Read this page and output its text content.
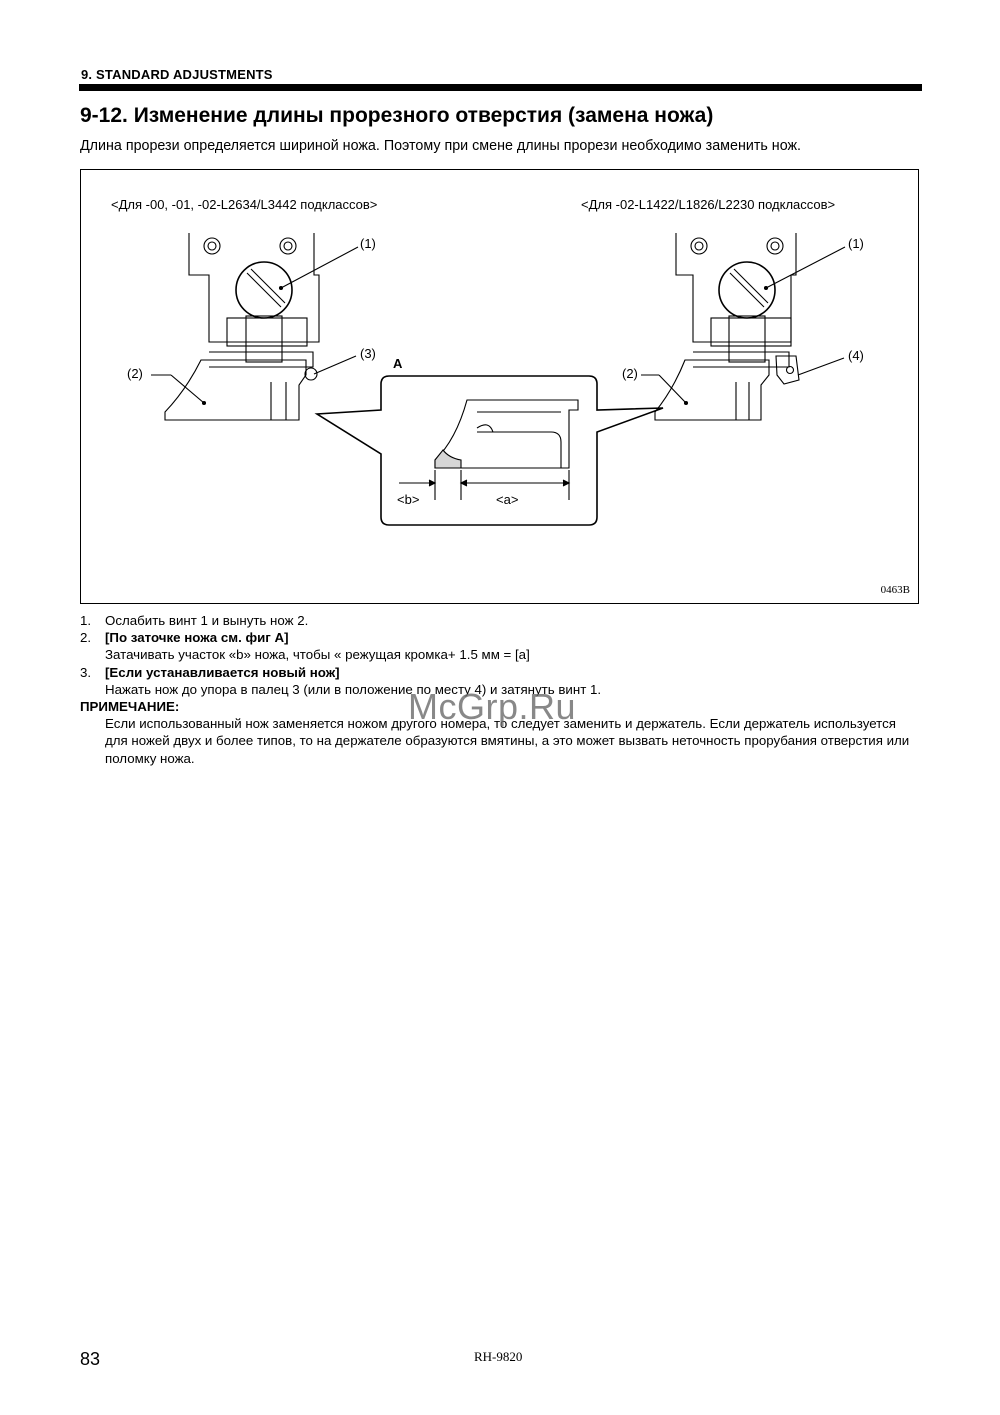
9. STANDARD ADJUSTMENTS
9-12. Изменение длины прорезного отверстия (замена ножа)
Длина прорези определяется шириной ножа. Поэтому при смене длины прорези необходимо заменить нож.
<Для -00, -01, -02-L2634/L3442 подклассов>	<Для -02-L1422/L1826/L2230 подклассов>
(1)
(3)
(2)
A
(1)
(4)
(2)
<b>	<a>
0463B
1.	Ослабить винт 1 и вынуть нож 2.
2.	[По заточке ножа см. фиг A]
Затачивать участок «b» ножа, чтобы « режущая кромка+ 1.5 мм = [a]
3.	[Если устанавливается новый нож]
Нажать нож до упора в палец 3 (или в положение по месту 4) и затянуть винт 1.
ПРИМЕЧАНИЕ:
Если использованный нож заменяется ножом другого номера, то следует заменить и держатель. Если держатель используется для ножей двух и более типов, то на держателе образуются вмятины, а это может вызвать неточность прорубания отверстия или поломку ножа.
McGrp.Ru
83	RH-9820
